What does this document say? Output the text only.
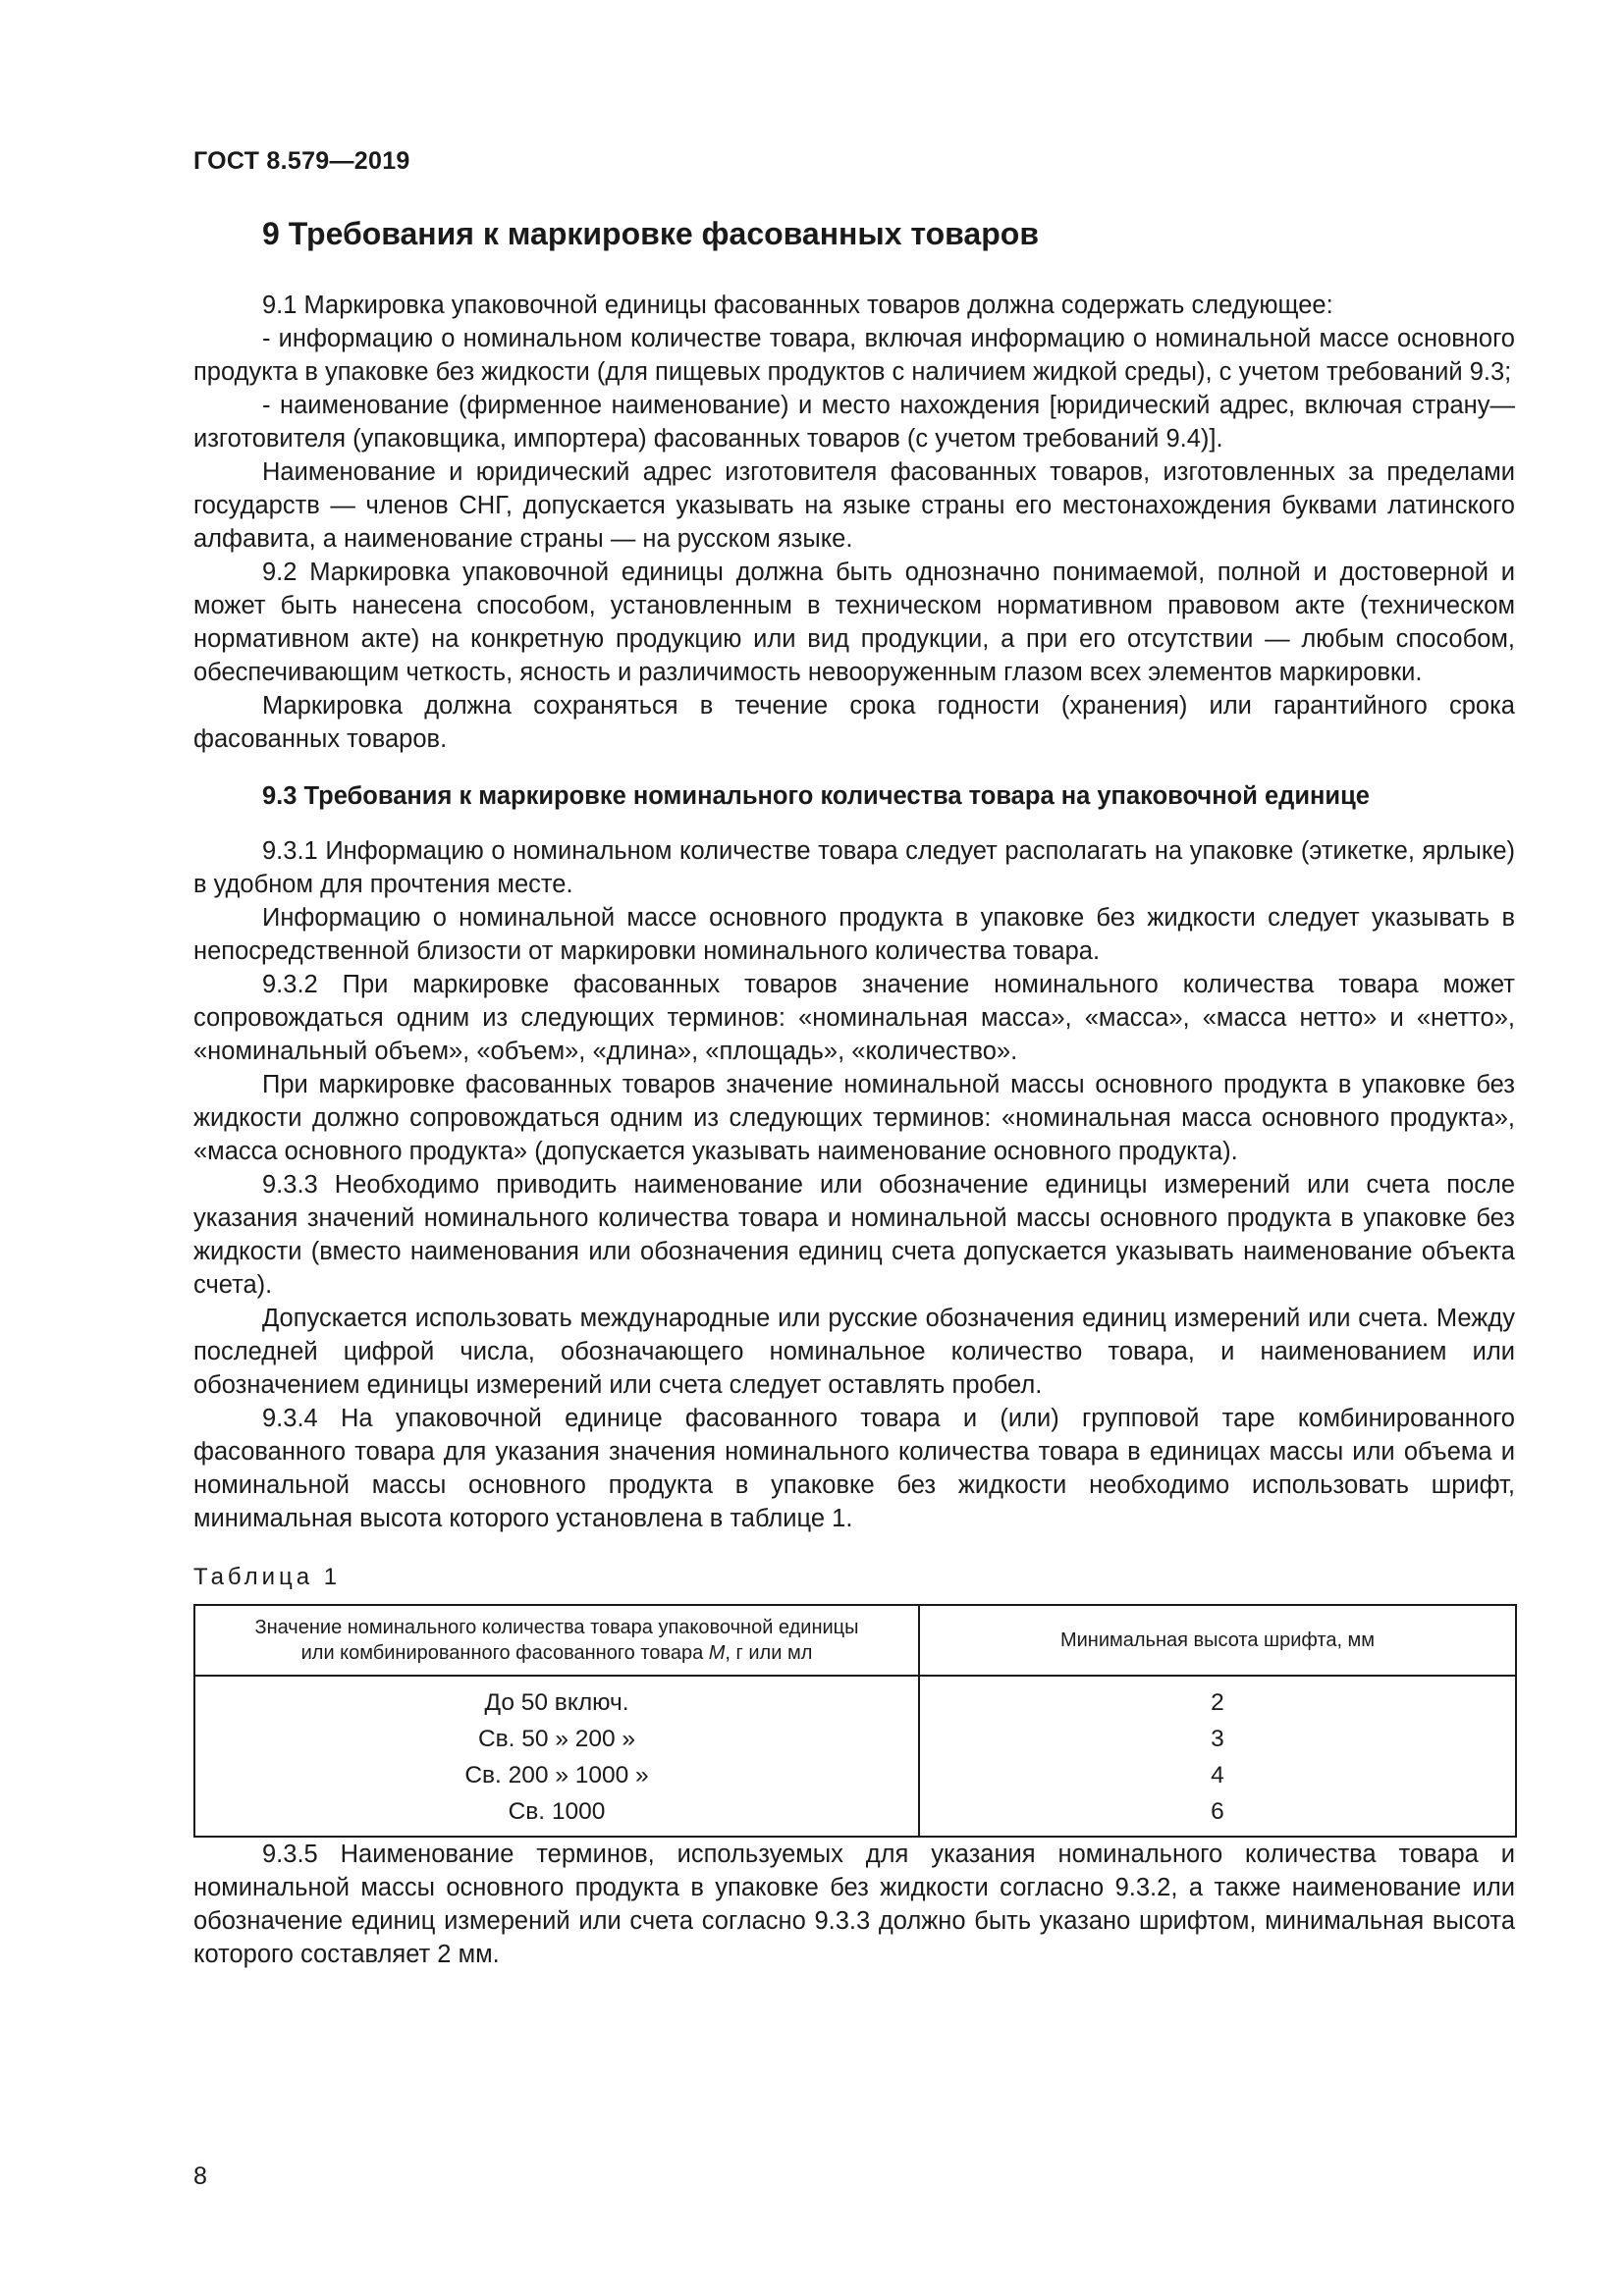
ГОСТ 8.579—2019
9 Требования к маркировке фасованных товаров

9.1 Маркировка упаковочной единицы фасованных товаров должна содержать следующее:

- информацию о номинальном количестве товара, включая информацию о номинальной массе основного продукта в упаковке без жидкости (для пищевых продуктов с наличием жидкой среды), с учетом требований 9.3;

- наименование (фирменное наименование) и место нахождения [юридический адрес, включая страну—изготовителя (упаковщика, импортера) фасованных товаров (с учетом требований 9.4)].

Наименование и юридический адрес изготовителя фасованных товаров, изготовленных за пределами государств — членов СНГ, допускается указывать на языке страны его местонахождения буквами латинского алфавита, а наименование страны — на русском языке.

9.2 Маркировка упаковочной единицы должна быть однозначно понимаемой, полной и достоверной и может быть нанесена способом, установленным в техническом нормативном правовом акте (техническом нормативном акте) на конкретную продукцию или вид продукции, а при его отсутствии — любым способом, обеспечивающим четкость, ясность и различимость невооруженным глазом всех элементов маркировки.

Маркировка должна сохраняться в течение срока годности (хранения) или гарантийного срока фасованных товаров.

9.3 Требования к маркировке номинального количества товара на упаковочной единице

9.3.1 Информацию о номинальном количестве товара следует располагать на упаковке (этикетке, ярлыке) в удобном для прочтения месте.

Информацию о номинальной массе основного продукта в упаковке без жидкости следует указывать в непосредственной близости от маркировки номинального количества товара.

9.3.2 При маркировке фасованных товаров значение номинального количества товара может сопровождаться одним из следующих терминов: «номинальная масса», «масса», «масса нетто» и «нетто», «номинальный объем», «объем», «длина», «площадь», «количество».

При маркировке фасованных товаров значение номинальной массы основного продукта в упаковке без жидкости должно сопровождаться одним из следующих терминов: «номинальная масса основного продукта», «масса основного продукта» (допускается указывать наименование основного продукта).

9.3.3 Необходимо приводить наименование или обозначение единицы измерений или счета после указания значений номинального количества товара и номинальной массы основного продукта в упаковке без жидкости (вместо наименования или обозначения единиц счета допускается указывать наименование объекта счета).

Допускается использовать международные или русские обозначения единиц измерений или счета. Между последней цифрой числа, обозначающего номинальное количество товара, и наименованием или обозначением единицы измерений или счета следует оставлять пробел.

9.3.4 На упаковочной единице фасованного товара и (или) групповой таре комбинированного фасованного товара для указания значения номинального количества товара в единицах массы или объема и номинальной массы основного продукта в упаковке без жидкости необходимо использовать шрифт, минимальная высота которого установлена в таблице 1.

Таблица 1
Значение номинального количества товара упаковочной единицы
или комбинированного фасованного товара M, г или мл	Минимальная высота шрифта, мм
До 50 включ.	2
Св. 50 » 200 »	3
Св. 200 » 1000 »	4
Св. 1000	6

9.3.5 Наименование терминов, используемых для указания номинального количества товара и номинальной массы основного продукта в упаковке без жидкости согласно 9.3.2, а также наименование или обозначение единиц измерений или счета согласно 9.3.3 должно быть указано шрифтом, минимальная высота которого составляет 2 мм.

8
